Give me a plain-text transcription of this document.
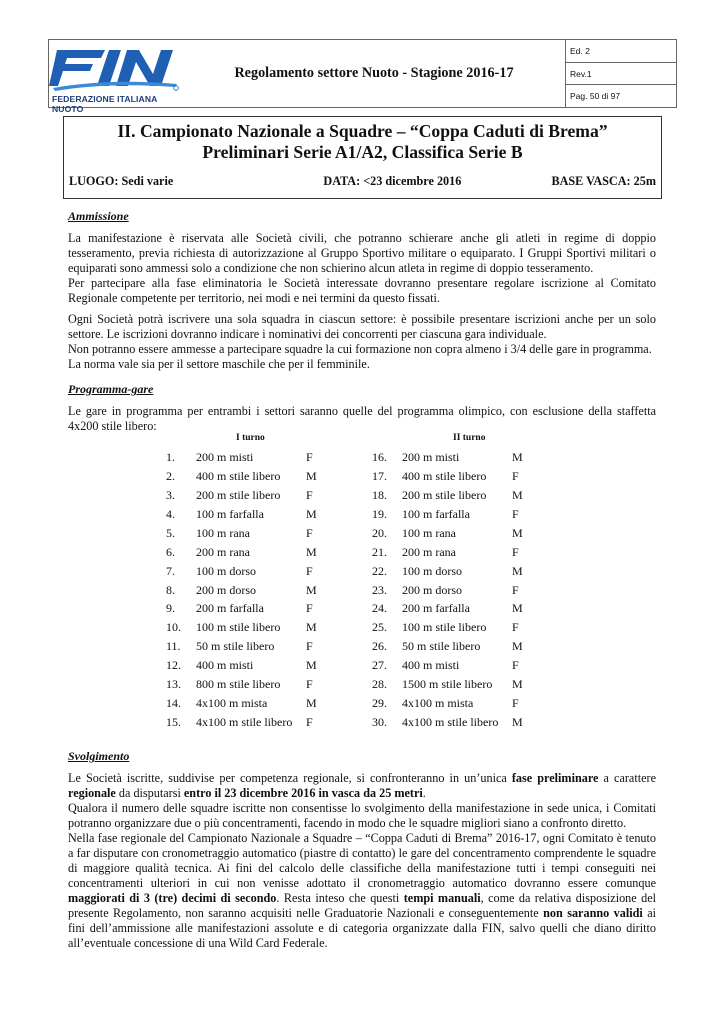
FEDERAZIONE ITALIANA NUOTO
Regolamento settore Nuoto - Stagione 2016-17
Ed. 2
Rev.1
Pag. 50 di 97
II. Campionato Nazionale a Squadre – “Coppa Caduti di Brema”
Preliminari Serie A1/A2, Classifica Serie B
LUOGO: Sedi varie	DATA: <23 dicembre 2016	BASE VASCA: 25m
Ammissione

La manifestazione è riservata alle Società civili, che potranno schierare anche gli atleti in regime di doppio tesseramento, previa richiesta di autorizzazione al Gruppo Sportivo militare o equiparato. I Gruppi Sportivi militari o equiparati sono ammessi solo a condizione che non schierino alcun atleta in regime di doppio tesseramento.

Per partecipare alla fase eliminatoria le Società interessate dovranno presentare regolare iscrizione al Comitato Regionale competente per territorio, nei modi e nei termini da questo fissati.

Ogni Società potrà iscrivere una sola squadra in ciascun settore: è possibile presentare iscrizioni anche per un solo settore. Le iscrizioni dovranno indicare i nominativi dei concorrenti per ciascuna gara individuale.

Non potranno essere ammesse a partecipare squadre la cui formazione non copra almeno i 3/4 delle gare in programma.

La norma vale sia per il settore maschile che per il femminile.

Programma-gare

Le gare in programma per entrambi i settori saranno quelle del programma olimpico, con esclusione della staffetta 4x200 stile libero:

I turno	II turno
1.	200 m misti	F
2.	400 m stile libero	M
3.	200 m stile libero	F
4.	100 m farfalla	M
5.	100 m rana	F
6.	200 m rana	M
7.	100 m dorso	F
8.	200 m dorso	M
9.	200 m farfalla	F
10.	100 m stile libero	M
11.	50 m stile libero	F
12.	400 m misti	M
13.	800 m stile libero	F
14.	4x100 m mista	M
15.	4x100 m stile libero	F
16.	200 m misti	M
17.	400 m stile libero	F
18.	200 m stile libero	M
19.	100 m farfalla	F
20.	100 m rana	M
21.	200 m rana	F
22.	100 m dorso	M
23.	200 m dorso	F
24.	200 m farfalla	M
25.	100 m stile libero	F
26.	50 m stile libero	M
27.	400 m misti	F
28.	1500 m stile libero	M
29.	4x100 m mista	F
30.	4x100 m stile libero	M
Svolgimento

Le Società iscritte, suddivise per competenza regionale, si confronteranno in un’unica fase preliminare a carattere regionale da disputarsi entro il 23 dicembre 2016 in vasca da 25 metri.

Qualora il numero delle squadre iscritte non consentisse lo svolgimento della manifestazione in sede unica, i Comitati potranno organizzare due o più concentramenti, facendo in modo che le squadre migliori siano a confronto diretto.

Nella fase regionale del Campionato Nazionale a Squadre – “Coppa Caduti di Brema” 2016-17, ogni Comitato è tenuto a far disputare con cronometraggio automatico (piastre di contatto) le gare del concentramento comprendente le squadre di maggiore qualità tecnica. Ai fini del calcolo delle classifiche della manifestazione tutti i tempi conseguiti nei concentramenti ulteriori in cui non venisse adottato il cronometraggio automatico dovranno essere comunque maggiorati di 3 (tre) decimi di secondo. Resta inteso che questi tempi manuali, come da relativa disposizione del presente Regolamento, non saranno acquisiti nelle Graduatorie Nazionali e conseguentemente non saranno validi ai fini dell’ammissione alle manifestazioni assolute e di categoria organizzate dalla FIN, salvo quelli che diano diritto all’eventuale concessione di una Wild Card Federale.
